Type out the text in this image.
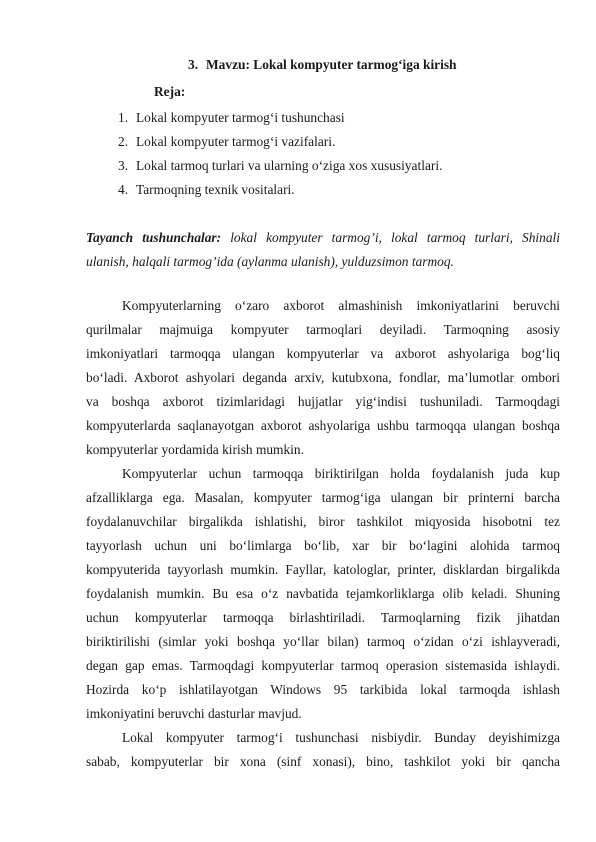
3. Mavzu: Lokal kompyuter tarmog‘iga kirish
Reja:
1. Lokal kompyuter tarmog‘i tushunchasi
2. Lokal kompyuter tarmog‘i vazifalari.
3. Lokal tarmoq turlari va ularning o‘ziga xos xususiyatlari.
4. Tarmoqning texnik vositalari.
Tayanch tushunchalar: lokal kompyuter tarmog’i, lokal tarmoq turlari, Shinali
ulanish, halqali tarmog’ida (aylanma ulanish), yulduzsimon tarmoq.
Kompyuterlarning o‘zaro axborot almashinish imkoniyatlarini beruvchi
qurilmalar majmuiga kompyuter tarmoqlari deyiladi. Tarmoqning asosiy
imkoniyatlari tarmoqqa ulangan kompyuterlar va axborot ashyolariga bog‘liq
bo‘ladi. Axborot ashyolari deganda arxiv, kutubxona, fondlar, ma’lumotlar ombori
va boshqa axborot tizimlaridagi hujjatlar yig‘indisi tushuniladi. Tarmoqdagi
kompyuterlarda saqlanayotgan axborot ashyolariga ushbu tarmoqqa ulangan boshqa
kompyuterlar yordamida kirish mumkin.
Kompyuterlar uchun tarmoqqa biriktirilgan holda foydalanish juda kup
afzalliklarga ega. Masalan, kompyuter tarmog‘iga ulangan bir printerni barcha
foydalanuvchilar birgalikda ishlatishi, biror tashkilot miqyosida hisobotni tez
tayyorlash uchun uni bo‘limlarga bo‘lib, xar bir bo‘lagini alohida tarmoq
kompyuterida tayyorlash mumkin. Fayllar, katologlar, printer, disklardan birgalikda
foydalanish mumkin. Bu esa o‘z navbatida tejamkorliklarga olib keladi. Shuning
uchun kompyuterlar tarmoqqa birlashtiriladi. Tarmoqlarning fizik jihatdan
biriktirilishi (simlar yoki boshqa yo‘llar bilan) tarmoq o‘zidan o‘zi ishlayveradi,
degan gap emas. Tarmoqdagi kompyuterlar tarmoq operasion sistemasida ishlaydi.
Hozirda ko‘p ishlatilayotgan Windows 95 tarkibida lokal tarmoqda ishlash
imkoniyatini beruvchi dasturlar mavjud.
Lokal kompyuter tarmog‘i tushunchasi nisbiydir. Bunday deyishimizga
sabab, kompyuterlar bir xona (sinf xonasi), bino, tashkilot yoki bir qancha
